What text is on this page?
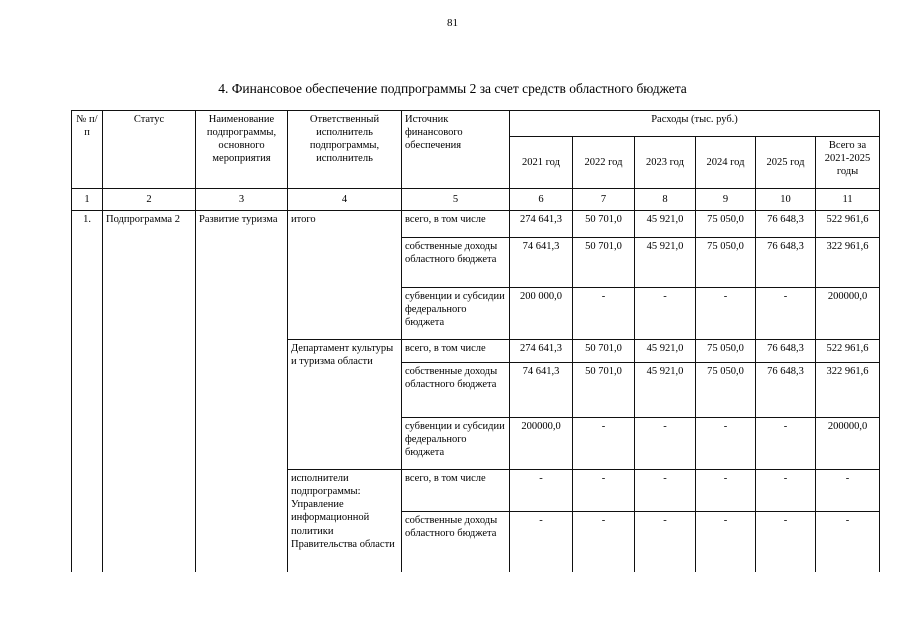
81
4. Финансовое обеспечение подпрограммы 2 за счет средств областного бюджета
№ п/п	Статус	Наименование подпрограммы, основного мероприятия	Ответственный исполнитель подпрограммы, исполнитель	Источник финансового обеспечения	Расходы (тыс. руб.)					
					2021 год	2022 год	2023 год	2024 год	2025 год	Всего за 2021-2025 годы
1	2	3	4	5	6	7	8	9	10	11
1.	Подпрограмма 2	Развитие туризма	итого	всего, в том числе	274 641,3	50 701,0	45 921,0	75 050,0	76 648,3	522 961,6
				собственные доходы областного бюджета	74 641,3	50 701,0	45 921,0	75 050,0	76 648,3	322 961,6
				субвенции и субсидии федерального бюджета	200 000,0	-	-	-	-	200000,0
			Департамент культуры и туризма области	всего, в том числе	274 641,3	50 701,0	45 921,0	75 050,0	76 648,3	522 961,6
				собственные доходы областного бюджета	74 641,3	50 701,0	45 921,0	75 050,0	76 648,3	322 961,6
				субвенции и субсидии федерального бюджета	200000,0	-	-	-	-	200000,0
			исполнители подпрограммы: Управление информационной политики Правительства области	всего, в том числе	-	-	-	-	-	-
				собственные доходы областного бюджета	-	-	-	-	-	-
